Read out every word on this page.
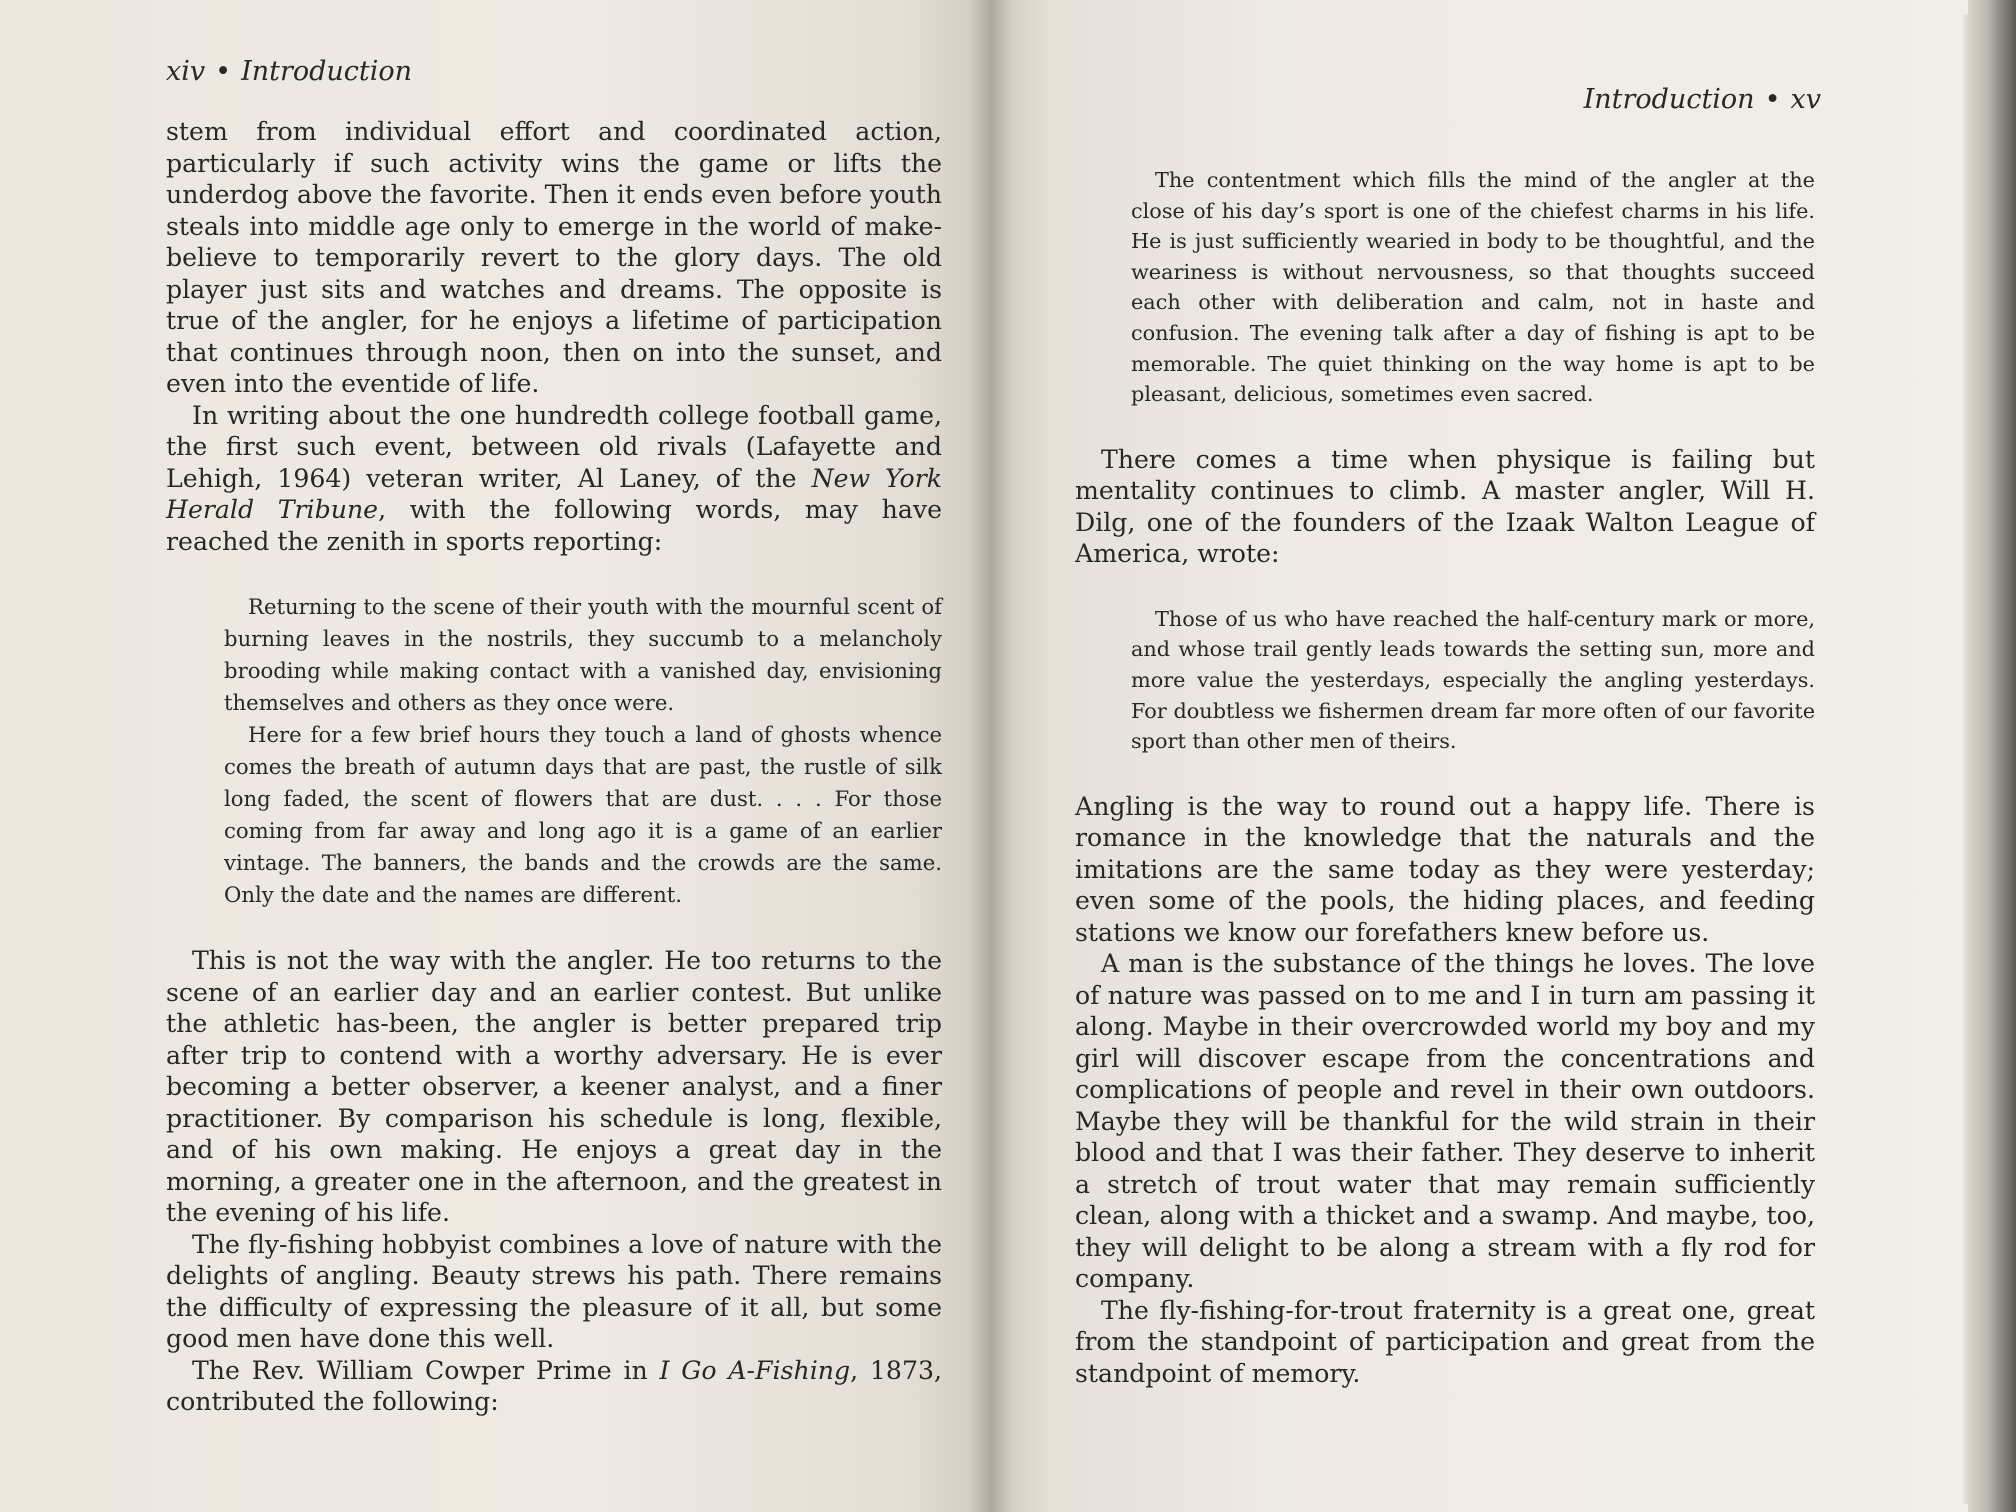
xiv • Introduction

stem from individual effort and coordinated action, particularly if such activity wins the game or lifts the underdog above the favorite. Then it ends even before youth steals into middle age only to emerge in the world of make-believe to temporarily revert to the glory days. The old player just sits and watches and dreams. The opposite is true of the angler, for he enjoys a lifetime of participation that continues through noon, then on into the sunset, and even into the eventide of life.

In writing about the one hundredth college football game, the first such event, between old rivals (Lafayette and Lehigh, 1964) veteran writer, Al Laney, of the New York Herald Tribune, with the following words, may have reached the zenith in sports reporting:

Returning to the scene of their youth with the mournful scent of burning leaves in the nostrils, they succumb to a melancholy brooding while making contact with a vanished day, envisioning themselves and others as they once were.

Here for a few brief hours they touch a land of ghosts whence comes the breath of autumn days that are past, the rustle of silk long faded, the scent of flowers that are dust. . . . For those coming from far away and long ago it is a game of an earlier vintage. The banners, the bands and the crowds are the same. Only the date and the names are different.

This is not the way with the angler. He too returns to the scene of an earlier day and an earlier contest. But unlike the athletic has-been, the angler is better prepared trip after trip to contend with a worthy adversary. He is ever becoming a better observer, a keener analyst, and a finer practitioner. By comparison his schedule is long, flexible, and of his own making. He enjoys a great day in the morning, a greater one in the afternoon, and the greatest in the evening of his life.

The fly-fishing hobbyist combines a love of nature with the delights of angling. Beauty strews his path. There remains the difficulty of expressing the pleasure of it all, but some good men have done this well.

The Rev. William Cowper Prime in I Go A-Fishing, 1873, contributed the following:

Introduction • xv

The contentment which fills the mind of the angler at the close of his day’s sport is one of the chiefest charms in his life. He is just sufficiently wearied in body to be thoughtful, and the weariness is without nervousness, so that thoughts succeed each other with deliberation and calm, not in haste and confusion. The evening talk after a day of fishing is apt to be memorable. The quiet thinking on the way home is apt to be pleasant, delicious, sometimes even sacred.

There comes a time when physique is failing but mentality continues to climb. A master angler, Will H. Dilg, one of the founders of the Izaak Walton League of America, wrote:

Those of us who have reached the half-century mark or more, and whose trail gently leads towards the setting sun, more and more value the yesterdays, especially the angling yesterdays. For doubtless we fishermen dream far more often of our favorite sport than other men of theirs.

Angling is the way to round out a happy life. There is romance in the knowledge that the naturals and the imitations are the same today as they were yesterday; even some of the pools, the hiding places, and feeding stations we know our forefathers knew before us.

A man is the substance of the things he loves. The love of nature was passed on to me and I in turn am passing it along. Maybe in their overcrowded world my boy and my girl will discover escape from the concentrations and complications of people and revel in their own outdoors. Maybe they will be thankful for the wild strain in their blood and that I was their father. They deserve to inherit a stretch of trout water that may remain sufficiently clean, along with a thicket and a swamp. And maybe, too, they will delight to be along a stream with a fly rod for company.

The fly-fishing-for-trout fraternity is a great one, great from the standpoint of participation and great from the standpoint of memory.
